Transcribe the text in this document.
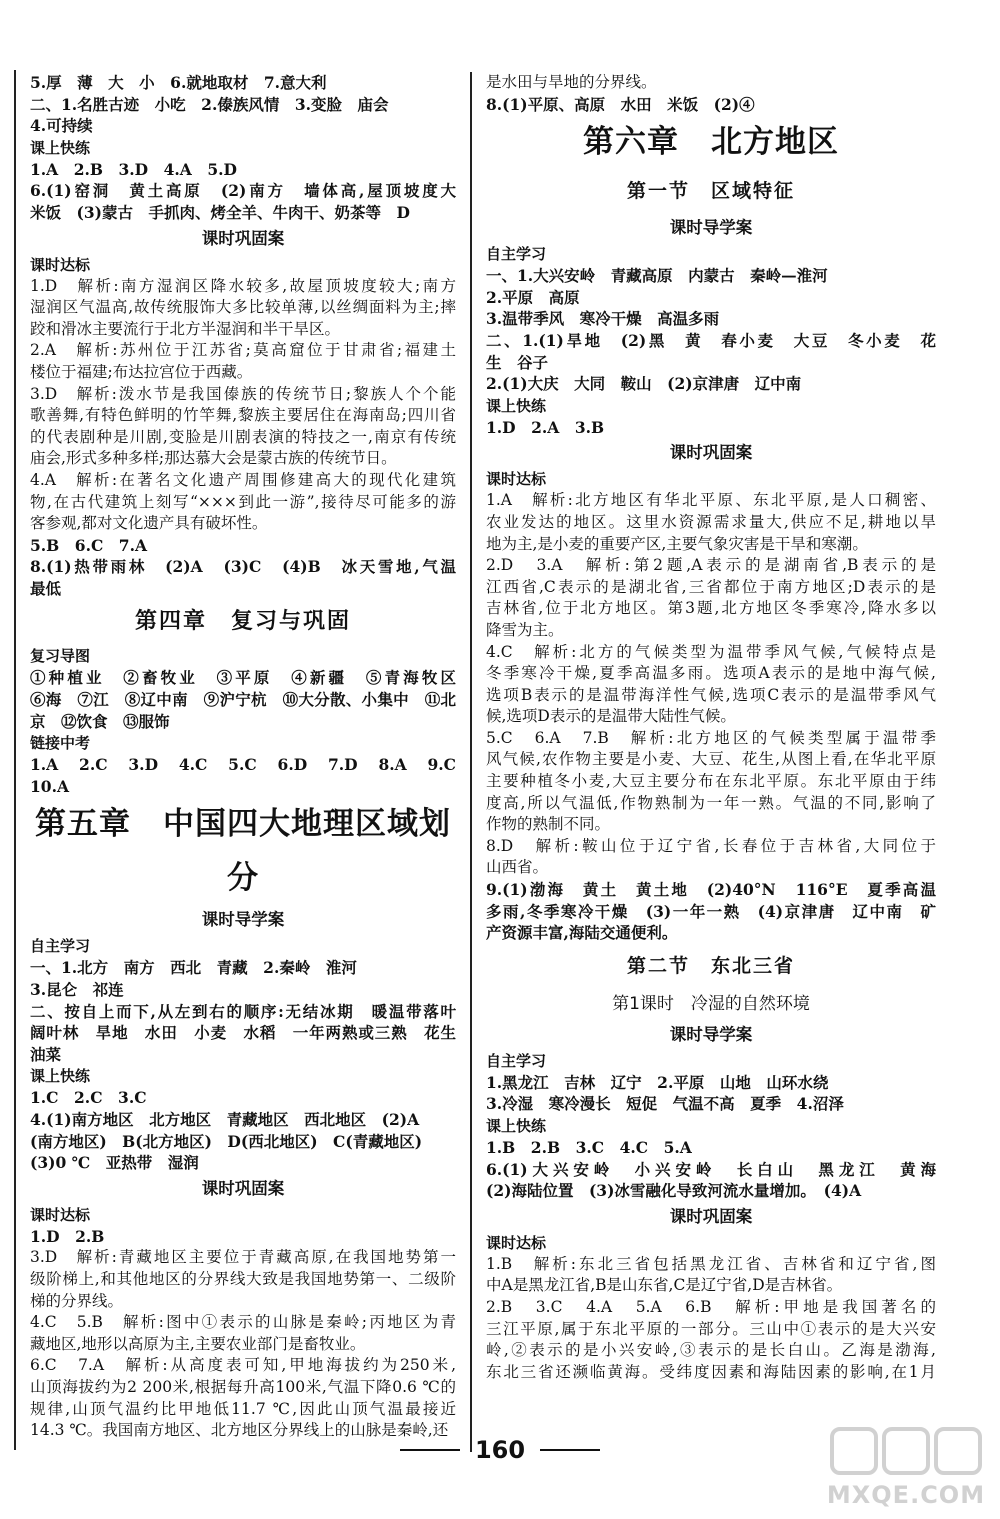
5.厚　薄　大　小　6.就地取材　7.意大利
二、1.名胜古迹　小吃　2.傣族风情　3.变脸　庙会
4.可持续
课上快练
1.A　2.B　3.D　4.A　5.D
6.(1)窑洞　黄土高原　(2)南方　墙体高,屋顶坡度大
米饭　(3)蒙古　手抓肉、烤全羊、牛肉干、奶茶等　D
课时巩固案
课时达标
1.D　解析:南方湿润区降水较多,故屋顶坡度较大;南方
湿润区气温高,故传统服饰大多比较单薄,以丝绸面料为主;摔
跤和滑冰主要流行于北方半湿润和半干旱区。
2.A　解析:苏州位于江苏省;莫高窟位于甘肃省;福建土
楼位于福建;布达拉宫位于西藏。
3.D　解析:泼水节是我国傣族的传统节日;黎族人个个能
歌善舞,有特色鲜明的竹竿舞,黎族主要居住在海南岛;四川省
的代表剧种是川剧,变脸是川剧表演的特技之一,南京有传统
庙会,形式多种多样;那达慕大会是蒙古族的传统节日。
4.A　解析:在著名文化遗产周围修建高大的现代化建筑
物,在古代建筑上刻写“×××到此一游”,接待尽可能多的游
客参观,都对文化遗产具有破坏性。
5.B　6.C　7.A
8.(1)热带雨林　(2)A　(3)C　(4)B　冰天雪地,气温
最低
第四章　复习与巩固
复习导图
①种植业　②畜牧业　③平原　④新疆　⑤青海牧区
⑥海　⑦江　⑧辽中南　⑨沪宁杭　⑩大分散、小集中　⑪北
京　⑫饮食　⑬服饰
链接中考
1.A　2.C　3.D　4.C　5.C　6.D　7.D　8.A　9.C
10.A
第五章　中国四大地理区域划分
课时导学案
自主学习
一、1.北方　南方　西北　青藏　2.秦岭　淮河
3.昆仑　祁连
二、按自上而下,从左到右的顺序:无结冰期　暖温带落叶
阔叶林　旱地　水田　小麦　水稻　一年两熟或三熟　花生
油菜
课上快练
1.C　2.C　3.C
4.(1)南方地区　北方地区　青藏地区　西北地区　(2)A
(南方地区)　B(北方地区)　D(西北地区)　C(青藏地区)
(3)0 ℃　亚热带　湿润
课时巩固案
课时达标
1.D　2.B
3.D　解析:青藏地区主要位于青藏高原,在我国地势第一
级阶梯上,和其他地区的分界线大致是我国地势第一、二级阶
梯的分界线。
4.C　5.B　解析:图中①表示的山脉是秦岭;丙地区为青
藏地区,地形以高原为主,主要农业部门是畜牧业。
6.C　7.A　解析:从高度表可知,甲地海拔约为250米,
山顶海拔约为2 200米,根据每升高100米,气温下降0.6 ℃的
规律,山顶气温约比甲地低11.7 ℃,因此山顶气温最接近
14.3 ℃。我国南方地区、北方地区分界线上的山脉是秦岭,还
是水田与旱地的分界线。
8.(1)平原、高原　水田　米饭　(2)④
第六章　北方地区
第一节　区域特征
课时导学案
自主学习
一、1.大兴安岭　青藏高原　内蒙古　秦岭—淮河
2.平原　高原
3.温带季风　寒冷干燥　高温多雨
二、1.(1)旱地　(2)黑　黄　春小麦　大豆　冬小麦　花
生　谷子
2.(1)大庆　大同　鞍山　(2)京津唐　辽中南
课上快练
1.D　2.A　3.B
课时巩固案
课时达标
1.A　解析:北方地区有华北平原、东北平原,是人口稠密、
农业发达的地区。这里水资源需求量大,供应不足,耕地以旱
地为主,是小麦的重要产区,主要气象灾害是干旱和寒潮。
2.D　3.A　解析:第2题,A表示的是湖南省,B表示的是
江西省,C表示的是湖北省,三省都位于南方地区;D表示的是
吉林省,位于北方地区。第3题,北方地区冬季寒冷,降水多以
降雪为主。
4.C　解析:北方的气候类型为温带季风气候,气候特点是
冬季寒冷干燥,夏季高温多雨。选项A表示的是地中海气候,
选项B表示的是温带海洋性气候,选项C表示的是温带季风气
候,选项D表示的是温带大陆性气候。
5.C　6.A　7.B　解析:北方地区的气候类型属于温带季
风气候,农作物主要是小麦、大豆、花生,从图上看,在华北平原
主要种植冬小麦,大豆主要分布在东北平原。东北平原由于纬
度高,所以气温低,作物熟制为一年一熟。气温的不同,影响了
作物的熟制不同。
8.D　解析:鞍山位于辽宁省,长春位于吉林省,大同位于
山西省。
9.(1)渤海　黄土　黄土地　(2)40°N　116°E　夏季高温
多雨,冬季寒冷干燥　(3)一年一熟　(4)京津唐　辽中南　矿
产资源丰富,海陆交通便利。
第二节　东北三省
第1课时　冷湿的自然环境
课时导学案
自主学习
1.黑龙江　吉林　辽宁　2.平原　山地　山环水绕
3.冷湿　寒冷漫长　短促　气温不高　夏季　4.沼泽
课上快练
1.B　2.B　3.C　4.C　5.A
6.(1)大兴安岭　小兴安岭　长白山　黑龙江　黄海
(2)海陆位置　(3)冰雪融化导致河流水量增加。　(4)A
课时巩固案
课时达标
1.B　解析:东北三省包括黑龙江省、吉林省和辽宁省,图
中A是黑龙江省,B是山东省,C是辽宁省,D是吉林省。
2.B　3.C　4.A　5.A　6.B　解析:甲地是我国著名的
三江平原,属于东北平原的一部分。三山中①表示的是大兴安
岭,②表示的是小兴安岭,③表示的是长白山。乙海是渤海,
东北三省还濒临黄海。受纬度因素和海陆因素的影响,在1月
160
MXQE.COM
